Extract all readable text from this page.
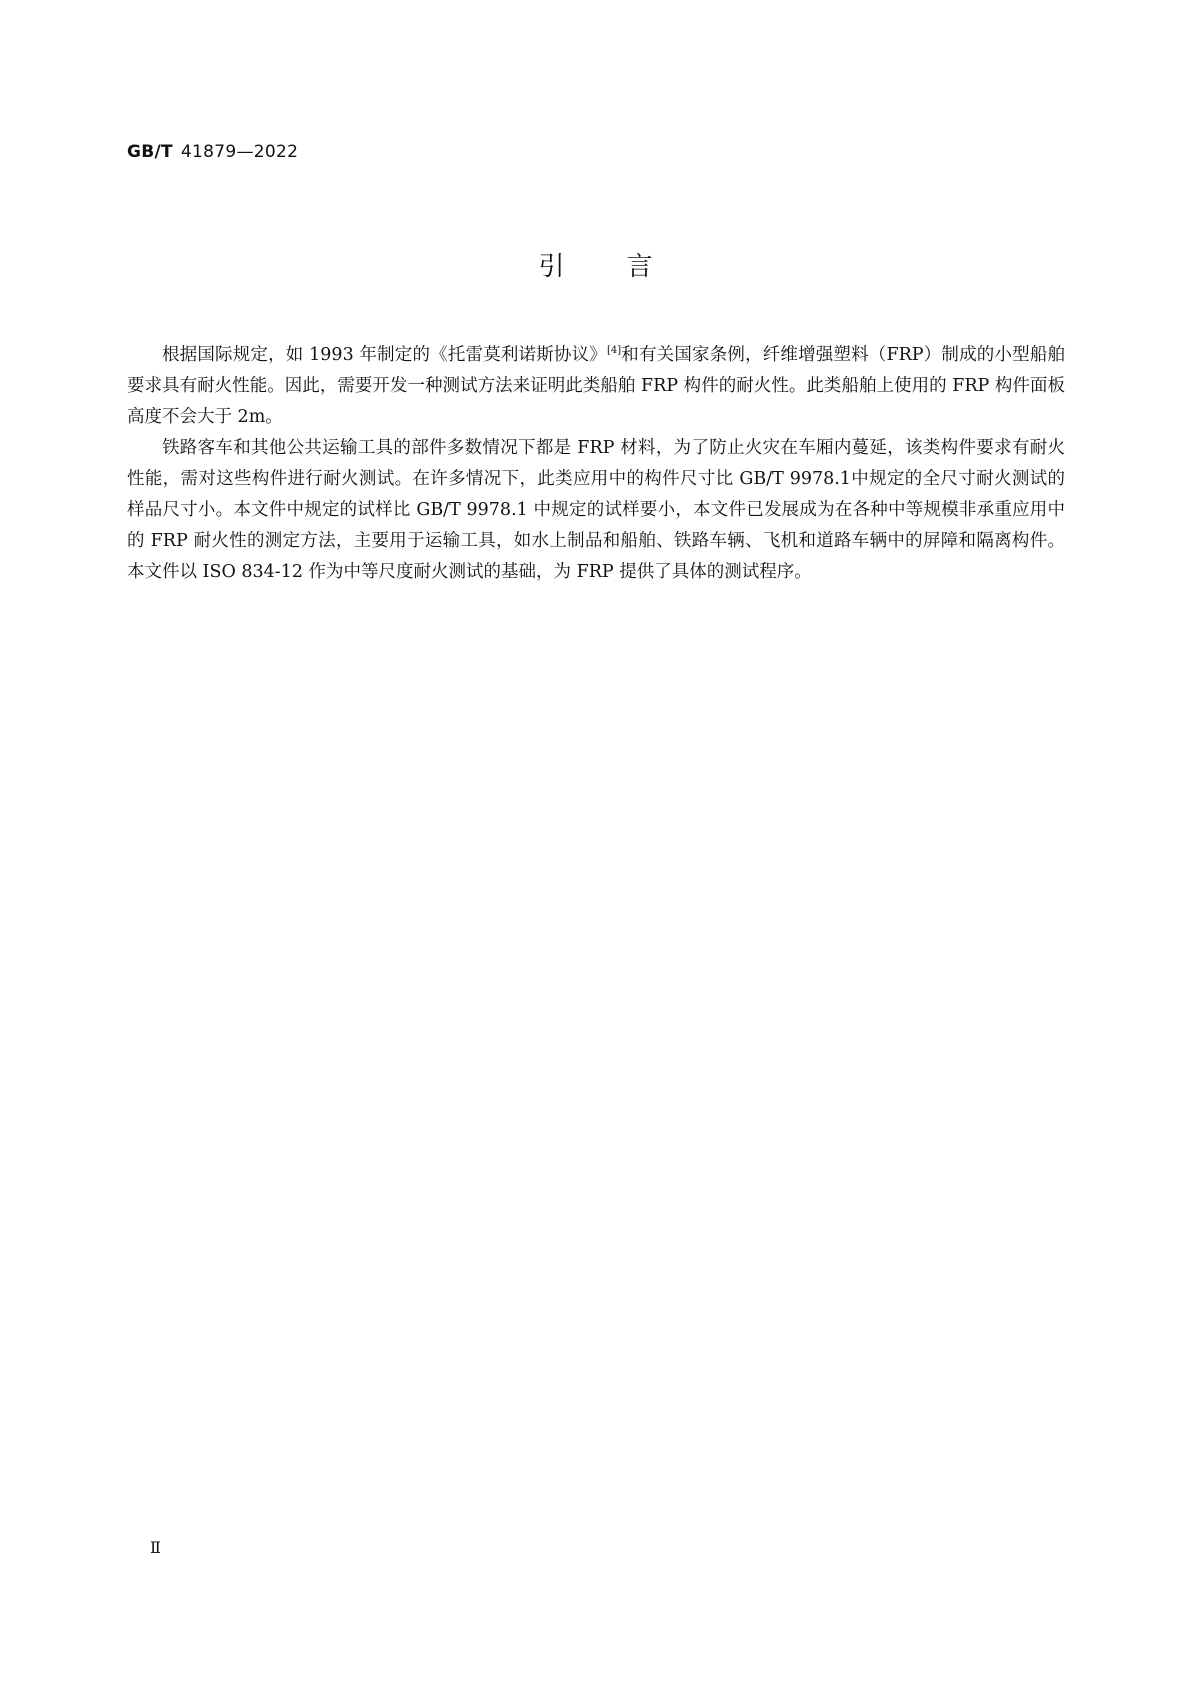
GB/T 41879—2022
引 言

根据国际规定，如 1993 年制定的《托雷莫利诺斯协议》[4]和有关国家条例，纤维增强塑料（FRP）制成的小型船舶要求具有耐火性能。因此，需要开发一种测试方法来证明此类船舶 FRP 构件的耐火性。此类船舶上使用的 FRP 构件面板高度不会大于 2m。

铁路客车和其他公共运输工具的部件多数情况下都是 FRP 材料，为了防止火灾在车厢内蔓延，该类构件要求有耐火性能，需对这些构件进行耐火测试。在许多情况下，此类应用中的构件尺寸比 GB/T 9978.1中规定的全尺寸耐火测试的样品尺寸小。本文件中规定的试样比 GB/T 9978.1 中规定的试样要小，本文件已发展成为在各种中等规模非承重应用中的 FRP 耐火性的测定方法，主要用于运输工具，如水上制品和船舶、铁路车辆、飞机和道路车辆中的屏障和隔离构件。本文件以 ISO 834-12 作为中等尺度耐火测试的基础，为 FRP 提供了具体的测试程序。

Ⅱ
